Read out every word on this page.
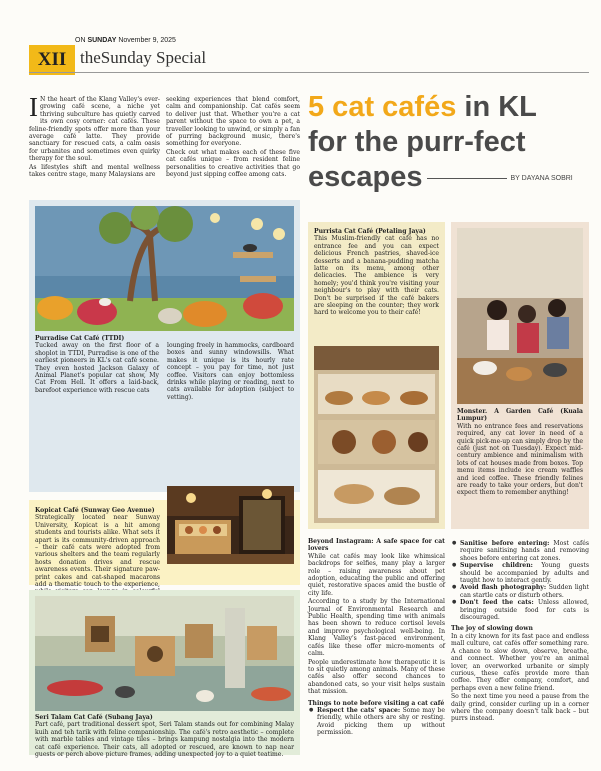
ON SUNDAY November 9, 2025
XII theSunday Special

I N the heart of the Klang Valley's ever-growing café scene, a niche yet thriving subculture has quietly carved its own cosy corner: cat cafés. These feline-friendly spots offer more than your average café latte. They provide sanctuary for rescued cats, a calm oasis for urbanites and sometimes even quirky therapy for the soul.

As lifestyles shift and mental wellness takes centre stage, many Malaysians are

seeking experiences that blend comfort, calm and companionship. Cat cafés seem to deliver just that. Whether you're a cat parent without the space to own a pet, a traveller looking to unwind, or simply a fan of purring background music, there's something for everyone.

Check out what makes each of these five cat cafés unique – from resident feline personalities to creative activities that go beyond just sipping coffee among cats.

5 cat cafés in KL
for the purr-fect
escapes	BY DAYANA SOBRI
Purradise Cat Café (TTDI)
Tucked away on the first floor of a shoplot in TTDI, Purradise is one of the earliest pioneers in KL's cat café scene. They even hosted Jackson Galaxy of Animal Planet's popular cat show, My Cat From Hell. It offers a laid-back, barefoot experience with rescue cats
lounging freely in hammocks, cardboard boxes and sunny windowsills. What makes it unique is its hourly rate concept – you pay for time, not just coffee. Visitors can enjoy bottomless drinks while playing or reading, next to cats available for adoption (subject to vetting).
Kopicat Café (Sunway Geo Avenue)
Strategically located near Sunway University, Kopicat is a hit among students and tourists alike. What sets it apart is its community-driven approach – their café cats were adopted from various shelters and the team regularly hosts donation drives and rescue awareness events. Their signature paw-print cakes and cat-shaped macarons add a thematic touch to the experience,
Seri Talam Cat Café (Subang Jaya)
Part café, part traditional dessert spot, Seri Talam stands out for combining Malay kuih and teh tarik with feline companionship. The café's retro aesthetic – complete with marble tables and vintage tiles – brings kampung nostalgia into the modern cat café experience. Their cats, all adopted or rescued, are known to nap near guests or perch above picture frames, adding unexpected joy to a quiet teatime.
Purrista Cat Café (Petaling Jaya)
This Muslim-friendly cat café has no entrance fee and you can expect delicious French pastries, shaved-ice desserts and a banana-pudding matcha latte on its menu, among other delicacies. The ambience is very homely; you'd think you're visiting your neighbour's to play with their cats. Don't be surprised if the café bakers are sleeping on the counter; they work hard to welcome you to their café!
Monster. A Garden Café (Kuala Lumpur)
With no entrance fees and reservations required, any cat lover in need of a quick pick-me-up can simply drop by the café (just not on Tuesday). Expect mid-century ambience and minimalism with lots of cat houses made from boxes. Top menu items include ice cream waffles and iced coffee. These friendly felines are ready to take your orders, but don't expect them to remember anything!
Beyond Instagram: A safe space for cat lovers

While cat cafés may look like whimsical backdrops for selfies, many play a larger role – raising awareness about pet adoption, educating the public and offering quiet, restorative spaces amid the bustle of city life.

According to a study by the International Journal of Environmental Research and Public Health, spending time with animals has been shown to reduce cortisol levels and improve psychological well-being. In Klang Valley's fast-paced environment, cafés like these offer micro-moments of calm.

People underestimate how therapeutic it is to sit quietly among animals. Many of these cafés also offer second chances to abandoned cats, so your visit helps sustain that mission.

Things to note before visiting a cat café
● Respect the cats' space: Some may be friendly, while others are shy or resting. Avoid picking them up without permission.
● Sanitise before entering: Most cafés require sanitising hands and removing shoes before entering cat zones.
● Supervise children: Young guests should be accompanied by adults and taught how to interact gently.
● Avoid flash photography: Sudden light can startle cats or disturb others.
● Don't feed the cats: Unless allowed, bringing outside food for cats is discouraged.
The joy of slowing down

In a city known for its fast pace and endless mall culture, cat cafés offer something rare. A chance to slow down, observe, breathe, and connect. Whether you're an animal lover, an overworked urbanite or simply curious, these cafés provide more than coffee. They offer company, comfort, and perhaps even a new feline friend.

So the next time you need a pause from the daily grind, consider curling up in a corner where the company doesn't talk back – but purrs instead.
